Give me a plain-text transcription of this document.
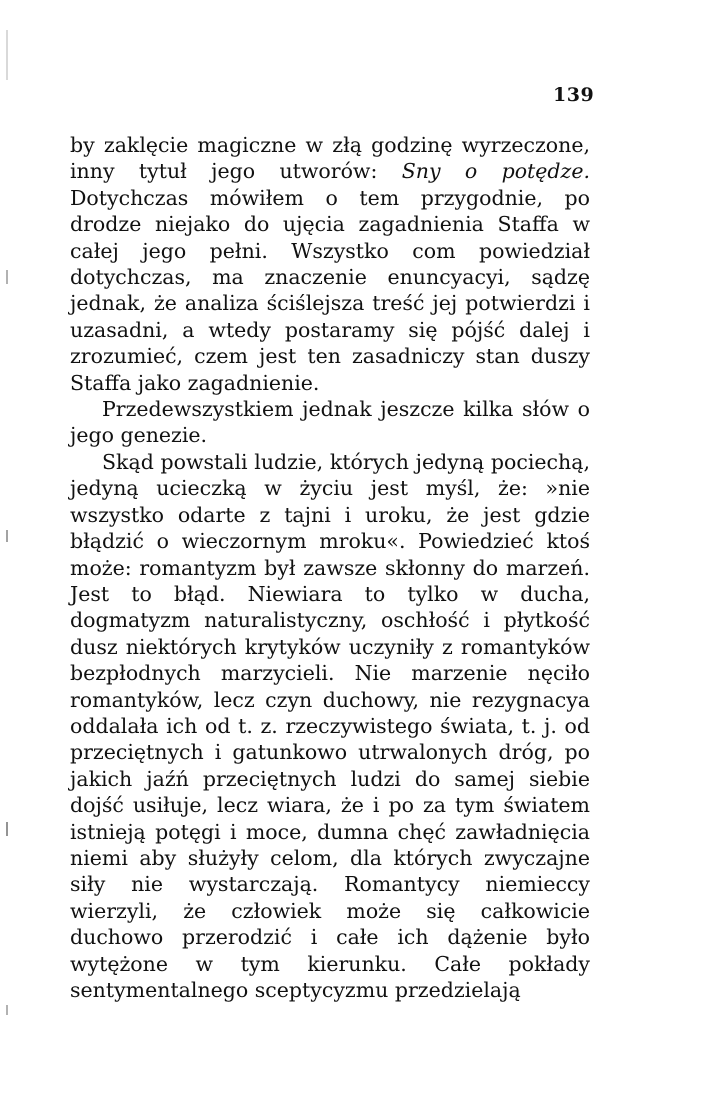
139

by zaklęcie magiczne w złą godzinę wyrzeczone, inny tytuł jego utworów: Sny o potędze. Dotychczas mówiłem o tem przygodnie, po drodze niejako do ujęcia zagadnienia Staffa w całej jego pełni. Wszystko com powiedział dotychczas, ma znaczenie enuncyacyi, sądzę jednak, że analiza ściślejsza treść jej potwierdzi i uzasadni, a wtedy postaramy się pójść dalej i zrozumieć, czem jest ten zasadniczy stan duszy Staffa jako zagadnienie.

Przedewszystkiem jednak jeszcze kilka słów o jego genezie.

Skąd powstali ludzie, których jedyną pociechą, jedyną ucieczką w życiu jest myśl, że: »nie wszystko odarte z tajni i uroku, że jest gdzie błądzić o wieczornym mroku«. Powiedzieć ktoś może: romantyzm był zawsze skłonny do marzeń. Jest to błąd. Niewiara to tylko w ducha, dogmatyzm naturalistyczny, oschłość i płytkość dusz niektórych krytyków uczyniły z romantyków bezpłodnych marzycieli. Nie marzenie nęciło romantyków, lecz czyn duchowy, nie rezygnacya oddalała ich od t. z. rzeczywistego świata, t. j. od przeciętnych i gatunkowo utrwalonych dróg, po jakich jaźń przeciętnych ludzi do samej siebie dojść usiłuje, lecz wiara, że i po za tym światem istnieją potęgi i moce, dumna chęć zawładnięcia niemi aby służyły celom, dla których zwyczajne siły nie wystarczają. Romantycy niemieccy wierzyli, że człowiek może się całkowicie duchowo przerodzić i całe ich dążenie było wytężone w tym kierunku. Całe pokłady sentymentalnego sceptycyzmu przedzielają
